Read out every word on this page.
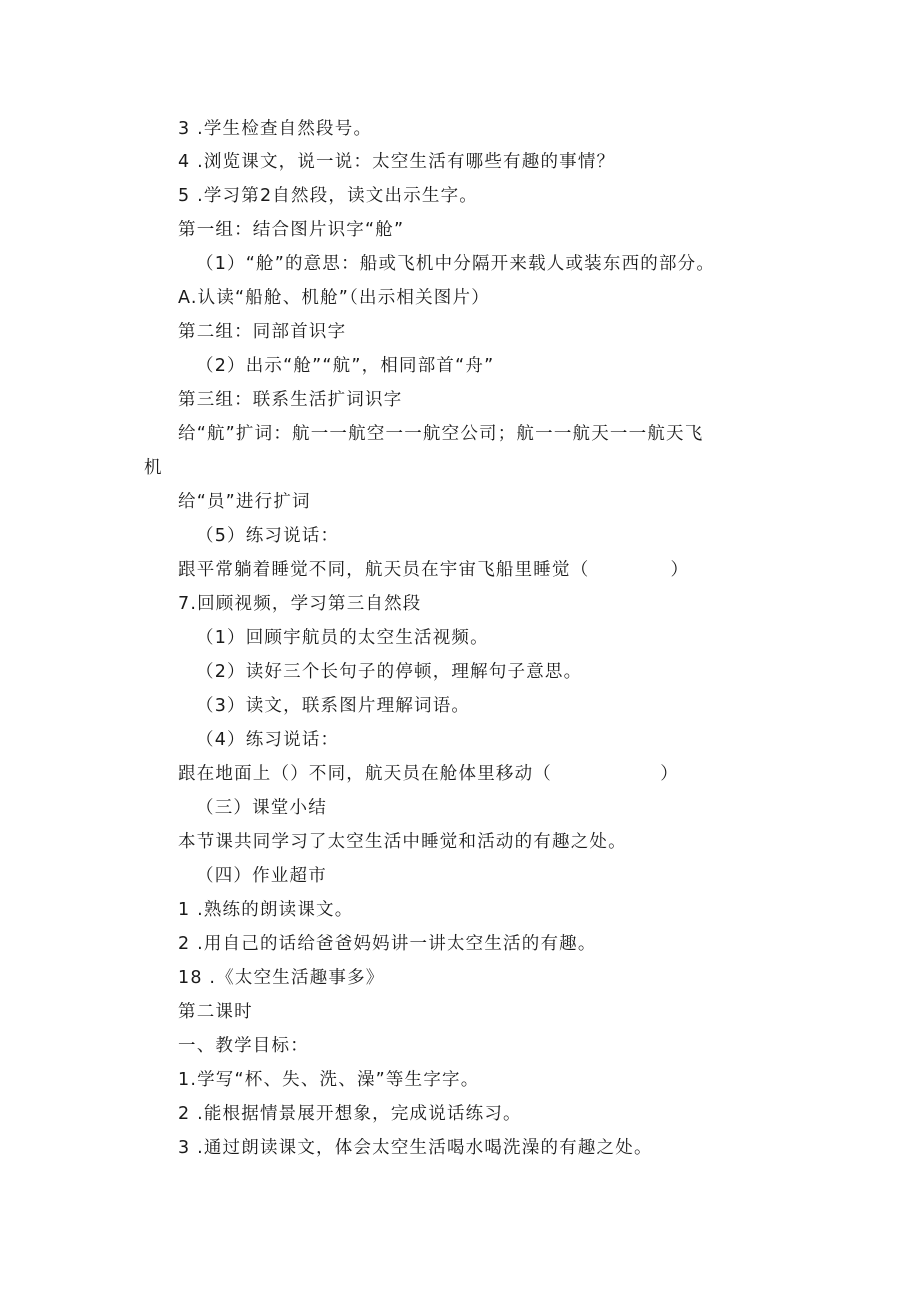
3 .学生检查自然段号。
4 .浏览课文，说一说：太空生活有哪些有趣的事情？
5 .学习第2自然段，读文出示生字。
第一组：结合图片识字“舱”
（1）“舱”的意思：船或飞机中分隔开来载人或装东西的部分。
A.认读“船舱、机舱”（出示相关图片）
第二组：同部首识字
（2）出示“舱”“航”，相同部首“舟”
第三组：联系生活扩词识字
给“航”扩词：航一一航空一一航空公司；航一一航天一一航天飞
机
给“员”进行扩词
（5）练习说话：
跟平常躺着睡觉不同，航天员在宇宙飞船里睡觉（            ）
7.回顾视频，学习第三自然段
（1）回顾宇航员的太空生活视频。
（2）读好三个长句子的停顿，理解句子意思。
（3）读文，联系图片理解词语。
（4）练习说话：
跟在地面上（）不同，航天员在舱体里移动（                ）
（三）课堂小结
本节课共同学习了太空生活中睡觉和活动的有趣之处。
（四）作业超市
1 .熟练的朗读课文。
2 .用自己的话给爸爸妈妈讲一讲太空生活的有趣。
18 .《太空生活趣事多》
第二课时
一、教学目标：
1.学写“杯、失、洗、澡”等生字字。
2 .能根据情景展开想象，完成说话练习。
3 .通过朗读课文，体会太空生活喝水喝洗澡的有趣之处。
